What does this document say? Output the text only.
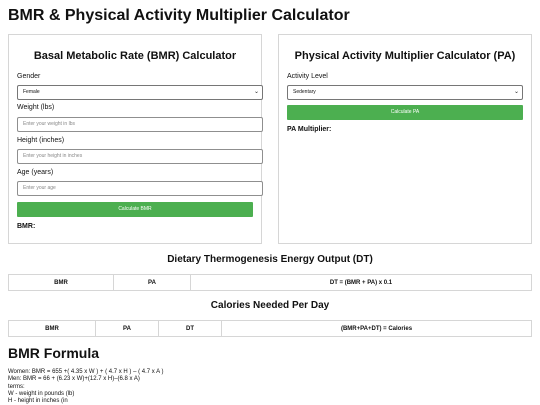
BMR & Physical Activity Multiplier Calculator
Basal Metabolic Rate (BMR) Calculator
Gender
Female	⌄
Weight (lbs)
Enter your weight in lbs
Height (inches)
Enter your height in inches
Age (years)
Enter your age
Calculate BMR
BMR:
Physical Activity Multiplier Calculator (PA)
Activity Level
Sedentary	⌄
Calculate PA
PA Multiplier:
Dietary Thermogenesis Energy Output (DT)
BMR	PA	DT = (BMR + PA) x 0.1
Calories Needed Per Day
BMR	PA	DT	(BMR+PA+DT) = Calories
BMR Formula
Women: BMR = 655 +( 4.35 x W ) + ( 4.7 x H ) – ( 4.7 x A )
Men: BMR = 66 + (6.23 x W)+(12.7 x H)–(6.8 x A)
terms:
W - weight in pounds (lb)
H - height in inches (in
